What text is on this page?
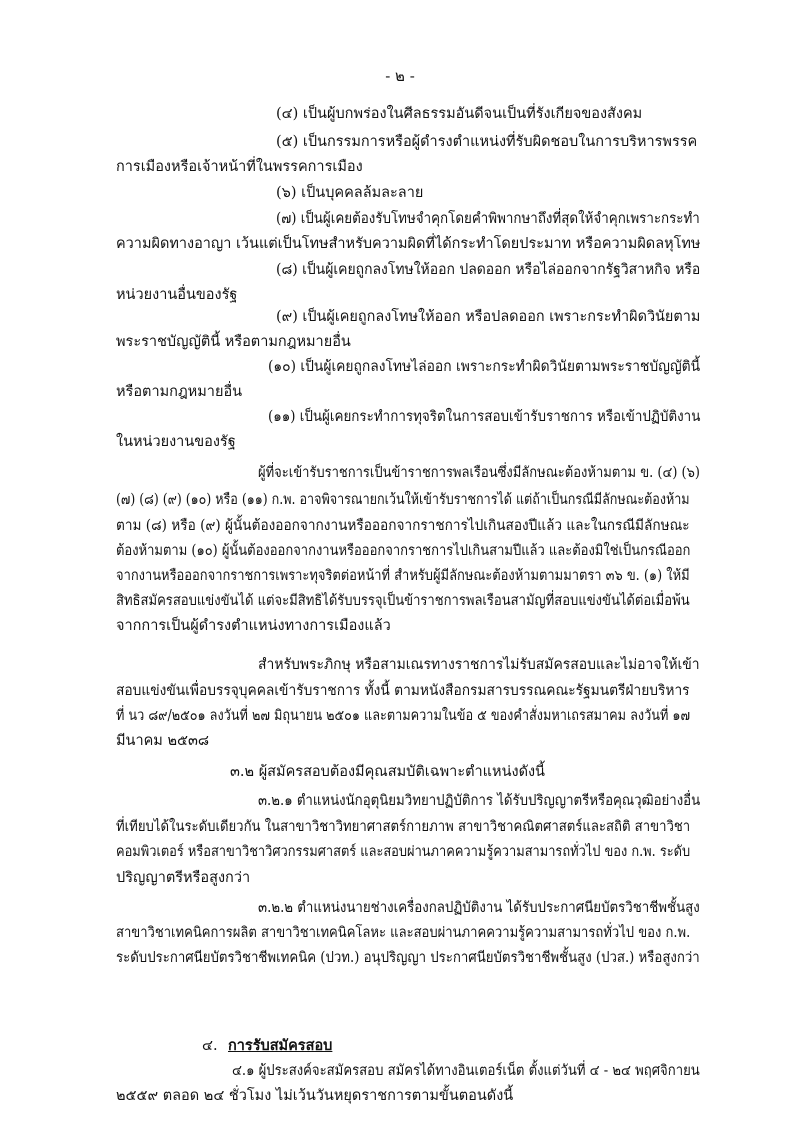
- ๒ -
(๔) เป็นผู้บกพร่องในศีลธรรมอันดีจนเป็นที่รังเกียจของสังคม
(๕) เป็นกรรมการหรือผู้ดำรงตำแหน่งที่รับผิดชอบในการบริหารพรรค
การเมืองหรือเจ้าหน้าที่ในพรรคการเมือง
(๖) เป็นบุคคลล้มละลาย
(๗) เป็นผู้เคยต้องรับโทษจำคุกโดยคำพิพากษาถึงที่สุดให้จำคุกเพราะกระทำ
ความผิดทางอาญา เว้นแต่เป็นโทษสำหรับความผิดที่ได้กระทำโดยประมาท หรือความผิดลหุโทษ
(๘) เป็นผู้เคยถูกลงโทษให้ออก ปลดออก หรือไล่ออกจากรัฐวิสาหกิจ หรือ
หน่วยงานอื่นของรัฐ
(๙) เป็นผู้เคยถูกลงโทษให้ออก หรือปลดออก เพราะกระทำผิดวินัยตาม
พระราชบัญญัตินี้ หรือตามกฎหมายอื่น
(๑๐) เป็นผู้เคยถูกลงโทษไล่ออก เพราะกระทำผิดวินัยตามพระราชบัญญัตินี้
หรือตามกฎหมายอื่น
(๑๑) เป็นผู้เคยกระทำการทุจริตในการสอบเข้ารับราชการ หรือเข้าปฏิบัติงาน
ในหน่วยงานของรัฐ
ผู้ที่จะเข้ารับราชการเป็นข้าราชการพลเรือนซึ่งมีลักษณะต้องห้ามตาม ข. (๔) (๖)
(๗) (๘) (๙) (๑๐) หรือ (๑๑) ก.พ. อาจพิจารณายกเว้นให้เข้ารับราชการได้ แต่ถ้าเป็นกรณีมีลักษณะต้องห้าม
ตาม (๘) หรือ (๙) ผู้นั้นต้องออกจากงานหรือออกจากราชการไปเกินสองปีแล้ว และในกรณีมีลักษณะ
ต้องห้ามตาม (๑๐) ผู้นั้นต้องออกจากงานหรือออกจากราชการไปเกินสามปีแล้ว และต้องมิใช่เป็นกรณีออก
จากงานหรือออกจากราชการเพราะทุจริตต่อหน้าที่ สำหรับผู้มีลักษณะต้องห้ามตามมาตรา ๓๖ ข. (๑) ให้มี
สิทธิสมัครสอบแข่งขันได้ แต่จะมีสิทธิได้รับบรรจุเป็นข้าราชการพลเรือนสามัญที่สอบแข่งขันได้ต่อเมื่อพ้น
จากการเป็นผู้ดำรงตำแหน่งทางการเมืองแล้ว
สำหรับพระภิกษุ หรือสามเณรทางราชการไม่รับสมัครสอบและไม่อาจให้เข้า
สอบแข่งขันเพื่อบรรจุบุคคลเข้ารับราชการ ทั้งนี้ ตามหนังสือกรมสารบรรณคณะรัฐมนตรีฝ่ายบริหาร
ที่ นว ๘๙/๒๕๐๑ ลงวันที่ ๒๗ มิถุนายน ๒๕๐๑ และตามความในข้อ ๕ ของคำสั่งมหาเถรสมาคม ลงวันที่ ๑๗
มีนาคม ๒๕๓๘
๓.๒ ผู้สมัครสอบต้องมีคุณสมบัติเฉพาะตำแหน่งดังนี้
๓.๒.๑ ตำแหน่งนักอุตุนิยมวิทยาปฏิบัติการ ได้รับปริญญาตรีหรือคุณวุฒิอย่างอื่น
ที่เทียบได้ในระดับเดียวกัน ในสาขาวิชาวิทยาศาสตร์กายภาพ สาขาวิชาคณิตศาสตร์และสถิติ สาขาวิชา
คอมพิวเตอร์ หรือสาขาวิชาวิศวกรรมศาสตร์ และสอบผ่านภาคความรู้ความสามารถทั่วไป ของ ก.พ. ระดับ
ปริญญาตรีหรือสูงกว่า
๓.๒.๒ ตำแหน่งนายช่างเครื่องกลปฏิบัติงาน ได้รับประกาศนียบัตรวิชาชีพชั้นสูง
สาขาวิชาเทคนิคการผลิต สาขาวิชาเทคนิคโลหะ และสอบผ่านภาคความรู้ความสามารถทั่วไป ของ ก.พ.
ระดับประกาศนียบัตรวิชาชีพเทคนิค (ปวท.) อนุปริญญา ประกาศนียบัตรวิชาชีพชั้นสูง (ปวส.) หรือสูงกว่า
๔. การรับสมัครสอบ
๔.๑ ผู้ประสงค์จะสมัครสอบ สมัครได้ทางอินเตอร์เน็ต ตั้งแต่วันที่ ๔ - ๒๔ พฤศจิกายน
๒๕๕๙ ตลอด ๒๔ ชั่วโมง ไม่เว้นวันหยุดราชการตามขั้นตอนดังนี้
